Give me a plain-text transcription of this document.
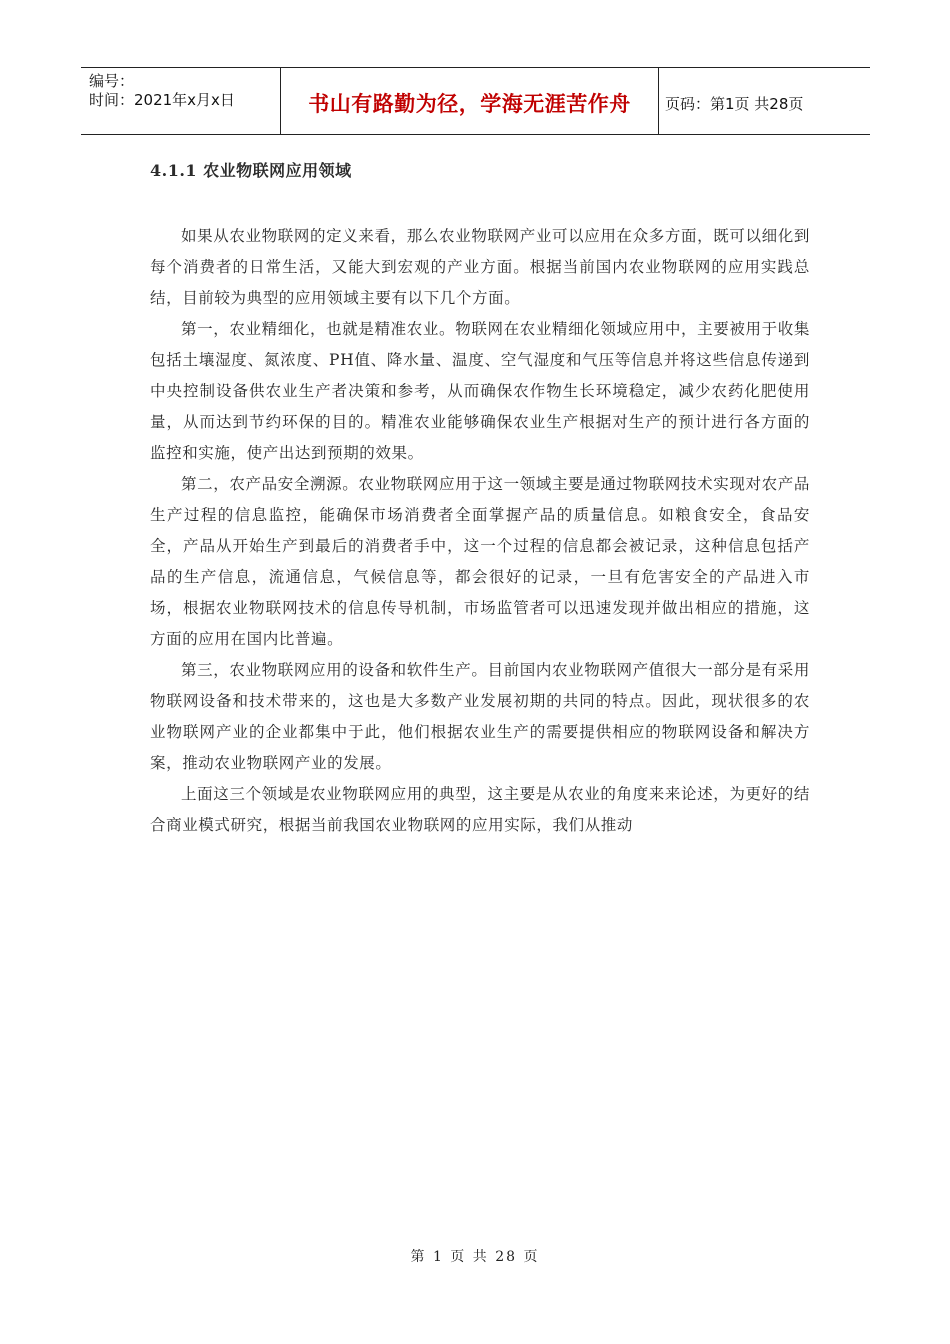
编号：
时间：2021年x月x日	书山有路勤为径，学海无涯苦作舟	页码：第1页 共28页
4.1.1 农业物联网应用领域

如果从农业物联网的定义来看，那么农业物联网产业可以应用在众多方面，既可以细化到每个消费者的日常生活，又能大到宏观的产业方面。根据当前国内农业物联网的应用实践总结，目前较为典型的应用领域主要有以下几个方面。

第一，农业精细化，也就是精准农业。物联网在农业精细化领域应用中，主要被用于收集包括土壤湿度、氮浓度、PH值、降水量、温度、空气湿度和气压等信息并将这些信息传递到中央控制设备供农业生产者决策和参考，从而确保农作物生长环境稳定，减少农药化肥使用量，从而达到节约环保的目的。精准农业能够确保农业生产根据对生产的预计进行各方面的监控和实施，使产出达到预期的效果。

第二，农产品安全溯源。农业物联网应用于这一领域主要是通过物联网技术实现对农产品生产过程的信息监控，能确保市场消费者全面掌握产品的质量信息。如粮食安全，食品安全，产品从开始生产到最后的消费者手中，这一个过程的信息都会被记录，这种信息包括产品的生产信息，流通信息，气候信息等，都会很好的记录，一旦有危害安全的产品进入市场，根据农业物联网技术的信息传导机制，市场监管者可以迅速发现并做出相应的措施，这方面的应用在国内比普遍。

第三，农业物联网应用的设备和软件生产。目前国内农业物联网产值很大一部分是有采用物联网设备和技术带来的，这也是大多数产业发展初期的共同的特点。因此，现状很多的农业物联网产业的企业都集中于此，他们根据农业生产的需要提供相应的物联网设备和解决方案，推动农业物联网产业的发展。

上面这三个领域是农业物联网应用的典型，这主要是从农业的角度来来论述，为更好的结合商业模式研究，根据当前我国农业物联网的应用实际，我们从推动

第 1 页 共 28 页
